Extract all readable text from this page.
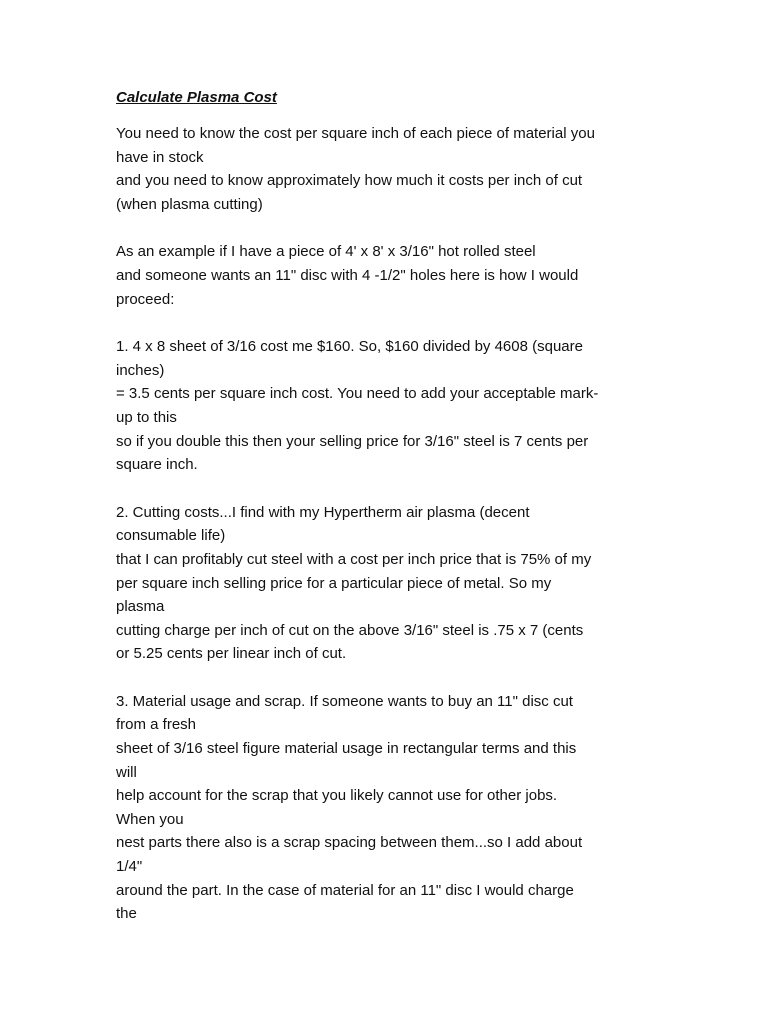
Calculate Plasma Cost
You need to know the cost per square inch of each piece of material you
have in stock
and you need to know approximately how much it costs per inch of cut
(when plasma cutting)
As an example if I have a piece of 4' x 8' x 3/16" hot rolled steel
and someone wants an 11" disc with 4 -1/2" holes here is how I would
proceed:
1. 4 x 8 sheet of 3/16 cost me $160. So, $160 divided by 4608 (square
inches)
= 3.5 cents per square inch cost. You need to add your acceptable mark-
up to this
so if you double this then your selling price for 3/16" steel is 7 cents per
square inch.
2. Cutting costs...I find with my Hypertherm air plasma (decent
consumable life)
that I can profitably cut steel with a cost per inch price that is 75% of my
per square inch selling price for a particular piece of metal. So my
plasma
cutting charge per inch of cut on the above 3/16" steel is .75 x 7 (cents
or 5.25 cents per linear inch of cut.
3. Material usage and scrap. If someone wants to buy an 11" disc cut
from a fresh
sheet of 3/16 steel figure material usage in rectangular terms and this
will
help account for the scrap that you likely cannot use for other jobs.
When you
nest parts there also is a scrap spacing between them...so I add about
1/4"
around the part. In the case of material for an 11" disc I would charge
the
